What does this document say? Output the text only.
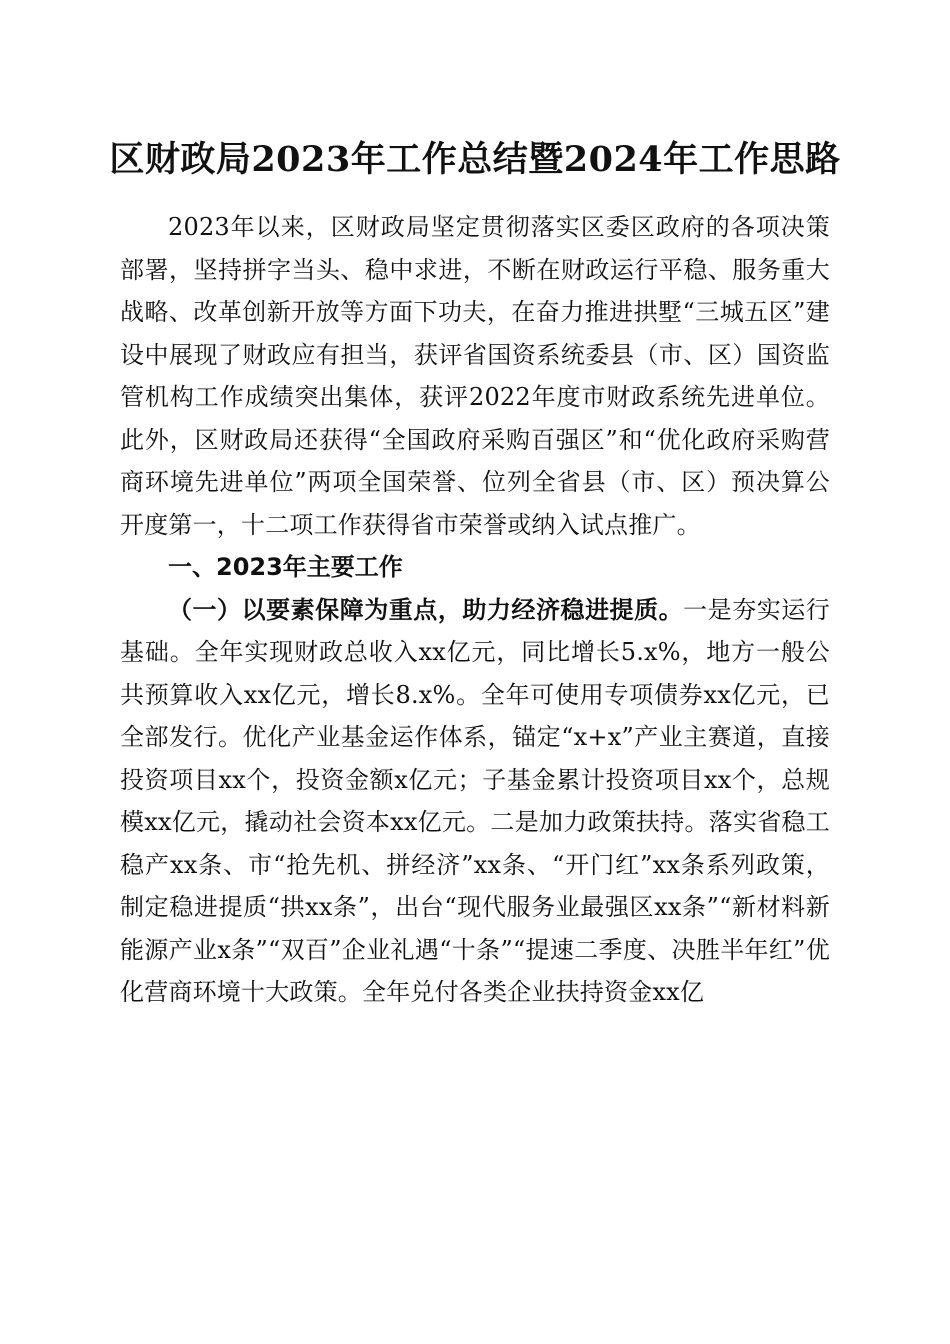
区财政局2023年工作总结暨2024年工作思路

2023年以来，区财政局坚定贯彻落实区委区政府的各项决策部署，坚持拼字当头、稳中求进，不断在财政运行平稳、服务重大战略、改革创新开放等方面下功夫，在奋力推进拱墅“三城五区”建设中展现了财政应有担当，获评省国资系统委县（市、区）国资监管机构工作成绩突出集体，获评2022年度市财政系统先进单位。此外，区财政局还获得“全国政府采购百强区”和“优化政府采购营商环境先进单位”两项全国荣誉、位列全省县（市、区）预决算公开度第一，十二项工作获得省市荣誉或纳入试点推广。

一、2023年主要工作

（一）以要素保障为重点，助力经济稳进提质。一是夯实运行基础。全年实现财政总收入xx亿元，同比增长5.x%，地方一般公共预算收入xx亿元，增长8.x%。全年可使用专项债券xx亿元，已全部发行。优化产业基金运作体系，锚定“x+x”产业主赛道，直接投资项目xx个，投资金额x亿元；子基金累计投资项目xx个，总规模xx亿元，撬动社会资本xx亿元。二是加力政策扶持。落实省稳工稳产xx条、市“抢先机、拼经济”xx条、“开门红”xx条系列政策，制定稳进提质“拱xx条”，出台“现代服务业最强区xx条”“新材料新能源产业x条”“双百”企业礼遇“十条”“提速二季度、决胜半年红”优化营商环境十大政策。全年兑付各类企业扶持资金xx亿
